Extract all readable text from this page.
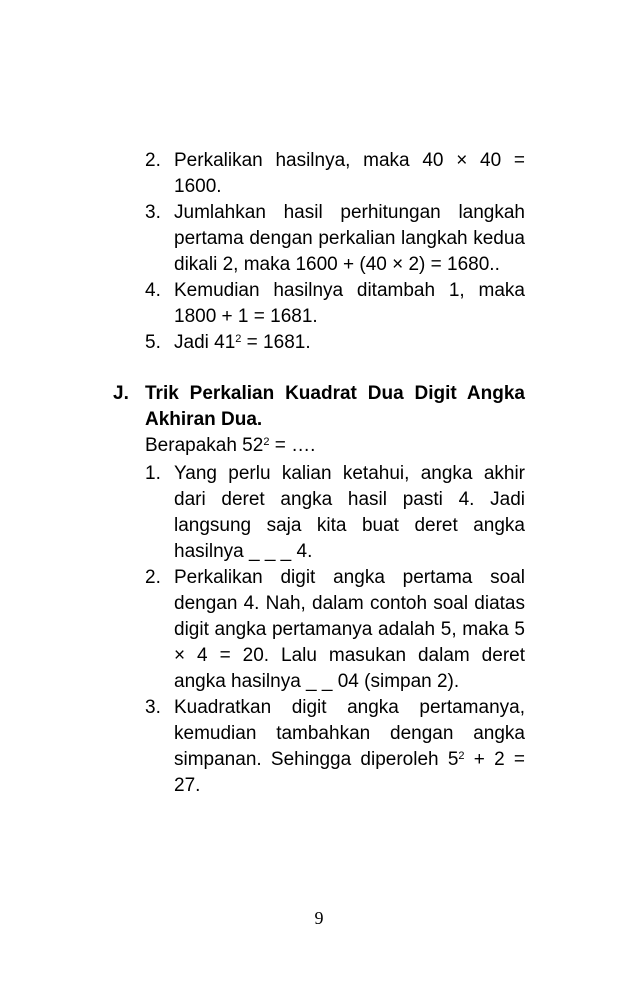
2. Perkalikan hasilnya, maka 40 × 40 = 1600.
3. Jumlahkan hasil perhitungan langkah pertama dengan perkalian langkah kedua dikali 2, maka 1600 + (40 × 2) = 1680..
4. Kemudian hasilnya ditambah 1, maka 1800 + 1 = 1681.
5. Jadi $41^2 = 1681$.
J. Trik Perkalian Kuadrat Dua Digit Angka Akhiran Dua.
Berapakah $52^2$ = ….
1. Yang perlu kalian ketahui, angka akhir dari deret angka hasil pasti 4. Jadi langsung saja kita buat deret angka hasilnya _ _ _ 4.
2. Perkalikan digit angka pertama soal dengan 4. Nah, dalam contoh soal diatas digit angka pertamanya adalah 5, maka 5 × 4 = 20. Lalu masukan dalam deret angka hasilnya _ _ 04 (simpan 2).
3. Kuadratkan digit angka pertamanya, kemudian tambahkan dengan angka simpanan. Sehingga diperoleh $5^2 + 2 = 27$.
9
